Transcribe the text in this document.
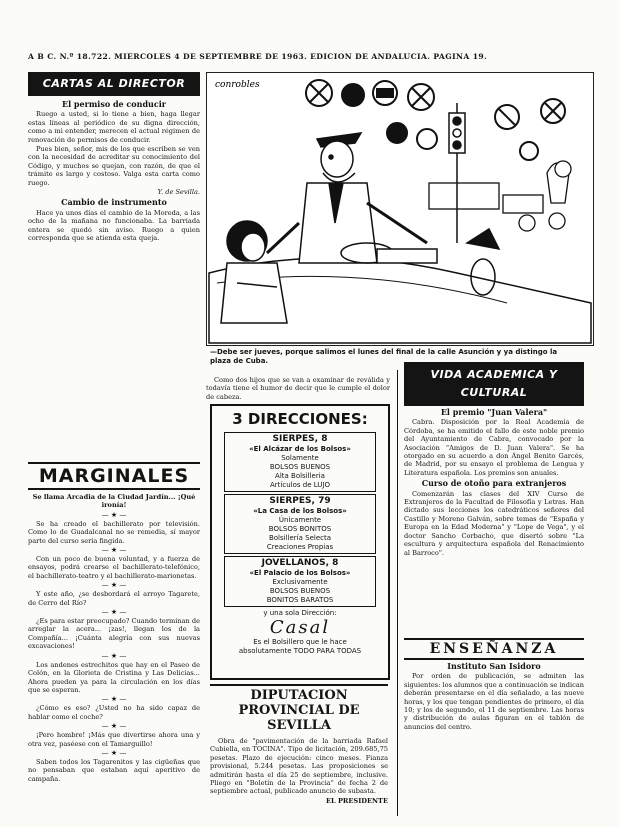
A B C. N.º 18.722. MIERCOLES 4 DE SEPTIEMBRE DE 1963. EDICION DE ANDALUCIA. PAGINA 19.
CARTAS AL DIRECTOR
El permiso de conducir

Ruego a usted, si lo tiene a bien, haga llegar estas líneas al periódico de su digna dirección, como a mi entender, merecen el actual régimen de renovación de permisos de conducir.

Pues bien, señor, mis de los que escriben se ven con la necesidad de acreditar su conocimiento del Código, y muchos se quejan, con razón, de que el trámite es largo y costoso. Valga esta carta como ruego.

Y. de Sevilla.
Cambio de instrumento

Hace ya unos días el cambio de la Moreda, a las ocho de la mañana no funcionaba. La barriada entera se quedó sin aviso. Ruego a quien corresponda que se atienda esta queja.

MARGINALES

Se llama Arcadia de la Ciudad Jardín... ¡Qué ironía!

— ★ —

Se ha creado el bachillerato por televisión. Como lo de Guadalcanal no se remedia, sí mayor parte del curso sería fingida.

— ★ —

Con un poco de buena voluntad, y a fuerza de ensayos, podrá crearse el bachillerato-telefónico, el bachillerato-teatro y el bachillerato-marionetas.

— ★ —

Y este año, ¿se desbordará el arroyo Tagarete, de Cerro del Río?

— ★ —

¿Es para estar preocupado? Cuando terminan de arreglar la acera... ¡zas!, llegan los de la Compañía... ¡Cuánta alegría con sus nuevas excavaciones!

— ★ —

Los andenes estrechitos que hay en el Paseo de Colón, en la Glorieta de Cristina y Las Delicias... Ahora pueden ya para la circulación en los días que se esperan.

— ★ —

¿Cómo es eso? ¿Usted no ha sido capaz de hablar como el coche?

— ★ —

¡Pero hombre! ¡Más que divertirse ahora una y otra vez, paséese con el Tamarguillo!

— ★ —

Saben todos los Tagarenitos y las cigüeñas que no pensaban que estaban aquí aperitivo de campaña.

conrobles
—Debe ser jueves, porque salimos el lunes del final de la calle Asunción y ya distingo la plaza de Cuba.

Como dos hijos que se van a examinar de reválida y todavía tiene el humor de decir que le cumple el dolor de cabeza.

3 DIRECCIONES:
SIERPES, 8
«El Alcázar de los Bolsos»
Solamente
BOLSOS BUENOS
Alta Bolsilleria
Artículos de LUJO
SIERPES, 79
«La Casa de los Bolsos»
Únicamente
BOLSOS BONITOS
Bolsillería Selecta
Creaciones Propias
JOVELLANOS, 8
«El Palacio de los Bolsos»
Exclusivamente
BOLSOS BUENOS
BONITOS BARATOS
y una sola Dirección:
Casal
Es el Bolsillero que le hace absolutamente TODO PARA TODAS
DIPUTACION PROVINCIAL DE SEVILLA

Obra de "pavimentación de la barriada Rafael Cubiella, en TOCINA". Tipo de licitación, 209.685,75 pesetas. Plazo de ejecución: cinco meses. Fianza provisional, 5.244 pesetas. Las proposiciones se admitirán hasta el día 25 de septiembre, inclusive. Pliego en "Boletín de la Provincia" de fecha 2 de septiembre actual, publicado anuncio de subasta.

EL PRESIDENTE
VIDA ACADEMICA Y CULTURAL
El premio "Juan Valera"

Cabra. Disposición por la Real Academia de Córdoba, se ha emitido el fallo de este noble premio del Ayuntamiento de Cabra, convocado por la Asociación "Amigos de D. Juan Valera". Se ha otorgado en su acuerdo a don Ángel Benito Garcés, de Madrid, por su ensayo el problema de Lengua y Literatura española. Los premios son anuales.

Curso de otoño para extranjeros

Comenzarán las clases del XIV Curso de Extranjeros de la Facultad de Filosofía y Letras. Han dictado sus lecciones los catedráticos señores del Castillo y Moreno Galván, sobre temas de "España y Europa en la Edad Moderna" y "Lope de Vega", y el doctor Sancho Corbacho, que disertó sobre "La escultura y arquitectura española del Renacimiento al Barroco".

ENSEÑANZA
Instituto San Isidoro

Por orden de publicación, se admiten las siguientes: los alumnos que a continuación se indican deberán presentarse en el día señalado, a las nueve horas, y los que tengan pendientes de primero, el día 10; y los de segundo, el 11 de septiembre. Las horas y distribución de aulas figuran en el tablón de anuncios del centro.
